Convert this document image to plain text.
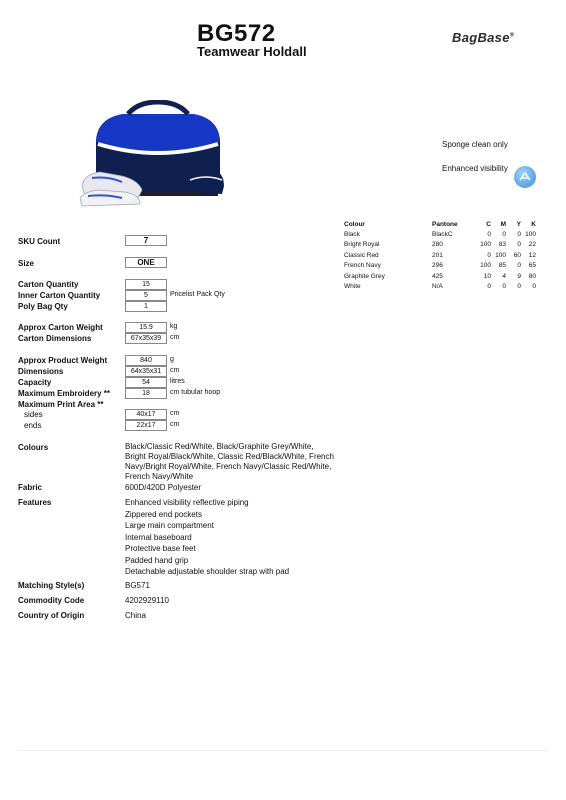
BG572
Teamwear Holdall
BagBase®
Sponge clean only
Enhanced visibility
Colour	Pantone	C	M	Y	K
Black	BlackC	0	0	0	100
Bright Royal	280	100	83	0	22
Classic Red	201	0	100	60	12
French Navy	296	100	85	0	65
Graphite Grey	425	10	4	9	80
White	N/A	0	0	0	0
SKU Count	7
Size	ONE
Carton Quantity	15
Inner Carton Quantity	5	Pricelist Pack Qty
Poly Bag Qty	1
Approx Carton Weight	15.9	kg
Carton Dimensions	67x35x39	cm
Approx Product Weight	840	g
Dimensions	64x35x31	cm
Capacity	54	litres
Maximum Embroidery **	18	cm tubular hoop
Maximum Print Area **
sides	40x17	cm
ends	22x17	cm
Colours	Black/Classic Red/White, Black/Graphite Grey/White, Bright Royal/Black/White, Classic Red/Black/White, French Navy/Bright Royal/White, French Navy/Classic Red/White, French Navy/White
Fabric	600D/420D Polyester
Features	Enhanced visibility reflective piping
Zippered end pockets
Large main compartment
Internal baseboard
Protective base feet
Padded hand grip
Detachable adjustable shoulder strap with pad
Matching Style(s)	BG571
Commodity Code	4202929110
Country of Origin	China
